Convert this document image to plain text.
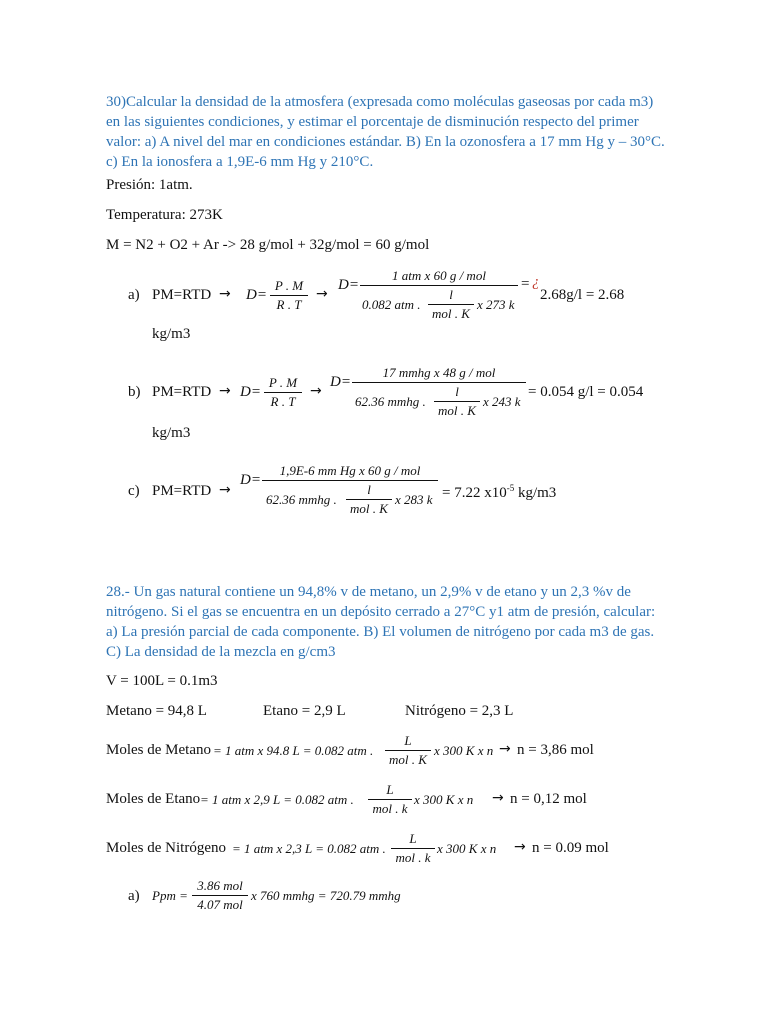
30)Calcular la densidad de la atmosfera (expresada como moléculas gaseosas por cada m3)
en las siguientes condiciones, y estimar el porcentaje de disminución respecto del primer
valor: a) A nivel del mar en condiciones estándar. B) En la ozonosfera a 17 mm Hg y – 30°C.
c) En la ionosfera a 1,9E-6 mm Hg y 210°C.
Presión: 1atm.
Temperatura: 273K
M = N2 + O2 + Ar -> 28 g/mol + 32g/mol = 60 g/mol
a) PM=RTD → D=
P . M
R . T
→
D=
1 atm x 60 g / mol
0.082 atm .
l
mol . K
x 273 k
= ¿
2.68g/l = 2.68
kg/m3
b) PM=RTD → D=
P . M
R . T
→
D=
17 mmhg x 48 g / mol
62.36 mmhg .
l
mol . K
x 243 k
= 0.054 g/l = 0.054
kg/m3
c) PM=RTD →
D=
1,9E-6 mm Hg x 60 g / mol
62.36 mmhg .
l
mol . K
x 283 k = 7.22 $x10^{-5}$ kg/m3
28.- Un gas natural contiene un 94,8% v de metano, un 2,9% v de etano y un 2,3 %v de
nitrógeno. Si el gas se encuentra en un depósito cerrado a 27°C y1 atm de presión, calcular:
a) La presión parcial de cada componente. B) El volumen de nitrógeno por cada m3 de gas.
C) La densidad de la mezcla en g/cm3
V = 100L = 0.1m3
Metano = 94,8 L	Etano = 2,9 L	Nitrógeno = 2,3 L
Moles de Metano = 1 atm x 94.8 L = 0.082 atm .
L
mol . K
x 300 K x n → n = 3,86 mol
Moles de Etano = 1 atm x 2,9 L = 0.082 atm .
L
mol . k
x 300 K x n → n = 0,12 mol
Moles de Nitrógeno = 1 atm x 2,3 L = 0.082 atm .
L
mol . k
x 300 K x n → n = 0.09 mol
a) Ppm =
3.86 mol
4.07 mol
x 760 mmhg = 720.79 mmhg
